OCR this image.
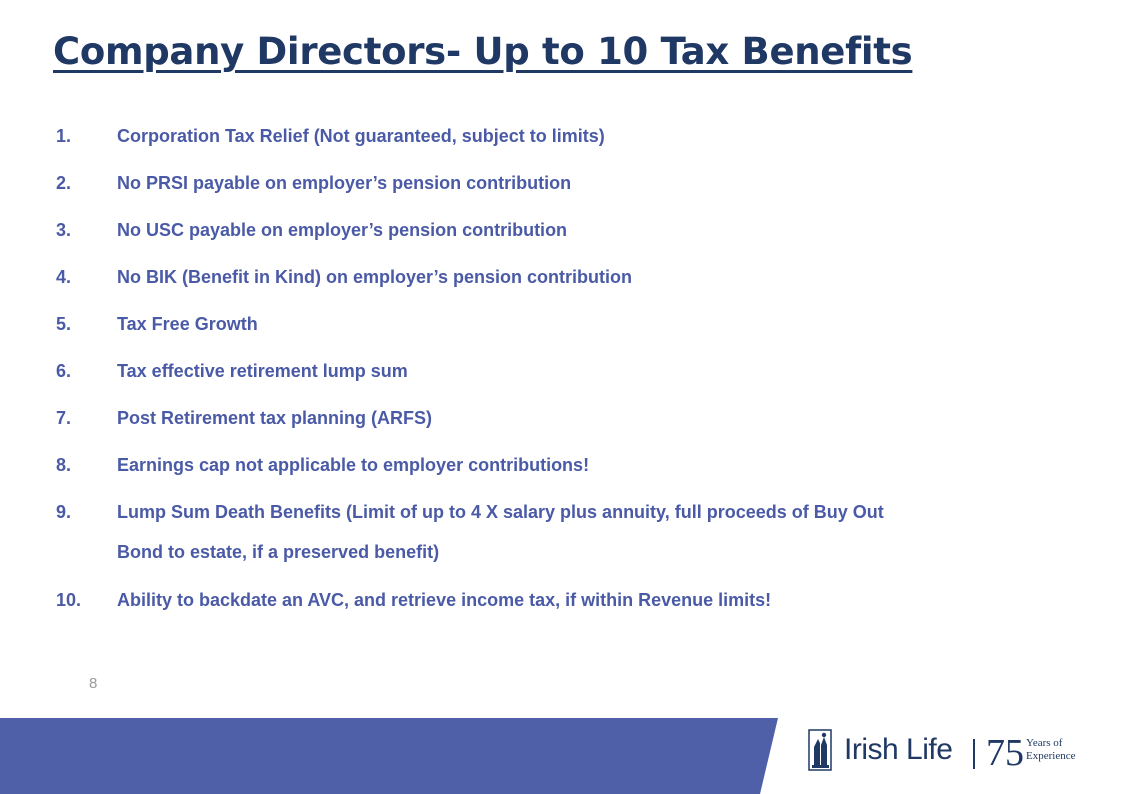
Company Directors- Up to 10 Tax Benefits
1.	Corporation Tax Relief (Not guaranteed, subject to limits)
2.	No PRSI payable on employer’s pension contribution
3.	No USC payable on employer’s pension contribution
4.	No BIK (Benefit in Kind) on employer’s pension contribution
5.	Tax Free Growth
6.	Tax effective retirement lump sum
7.	Post Retirement tax planning (ARFS)
8.	Earnings cap not applicable to employer contributions!
9.	Lump Sum Death Benefits (Limit of up to 4 X salary plus annuity, full proceeds of Buy Out
Bond to estate, if a preserved benefit)
10.	Ability to backdate an AVC, and retrieve income tax, if within Revenue limits!
8
Irish Life 75 Years of
Experience
